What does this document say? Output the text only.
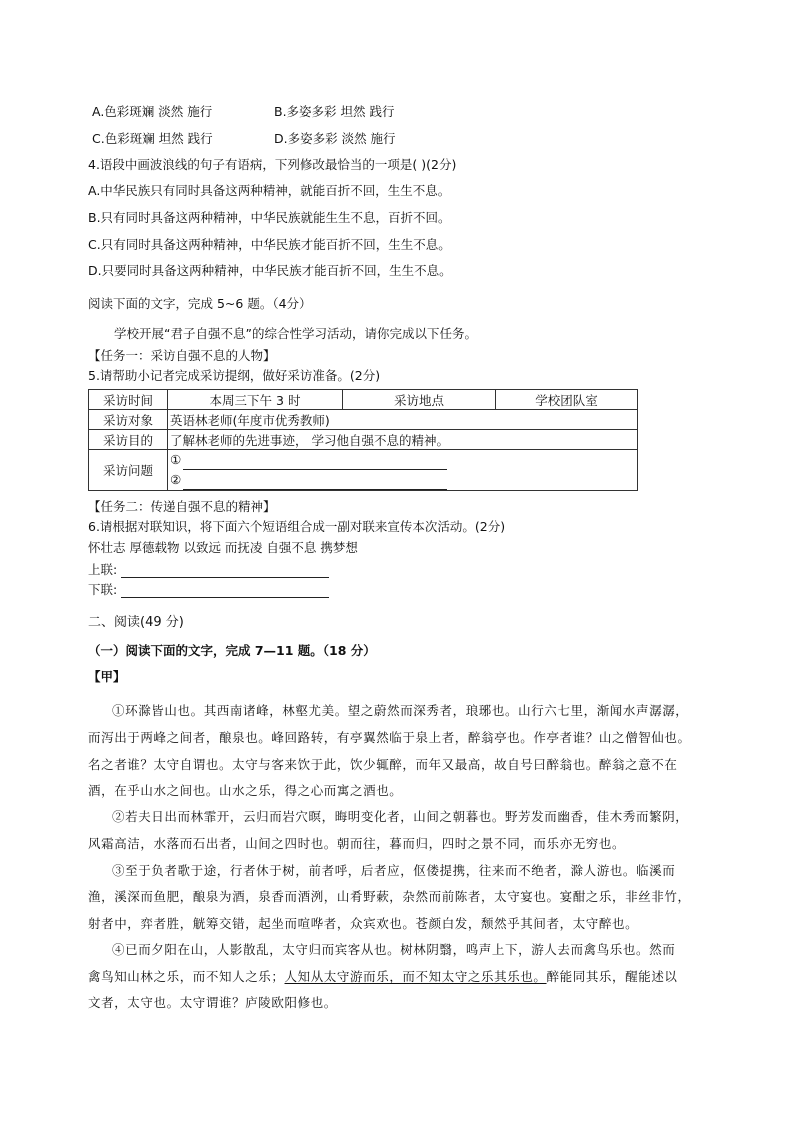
A.色彩斑斓 淡然 施行	B.多姿多彩 坦然 践行
C.色彩斑斓 坦然 践行	D.多姿多彩 淡然 施行
4.语段中画波浪线的句子有语病，下列修改最恰当的一项是( )(2分)
A.中华民族只有同时具备这两种精神，就能百折不回，生生不息。
B.只有同时具备这两种精神，中华民族就能生生不息，百折不回。
C.只有同时具备这两种精神，中华民族才能百折不回，生生不息。
D.只要同时具备这两种精神，中华民族才能百折不回，生生不息。
阅读下面的文字，完成 5~6 题。（4分）
学校开展“君子自强不息”的综合性学习活动，请你完成以下任务。
【任务一：采访自强不息的人物】
5.请帮助小记者完成采访提纲，做好采访准备。(2分)
采访时间	本周三下午 3 时	采访地点	学校团队室
采访对象	英语林老师(年度市优秀教师)		
采访目的	了解林老师的先进事迹， 学习他自强不息的精神。		
采访问题	①
②		
【任务二：传递自强不息的精神】
6.请根据对联知识，将下面六个短语组合成一副对联来宣传本次活动。(2分)
怀壮志 厚德载物 以致远 而抚凌 自强不息 携梦想
上联:
下联:
二、阅读(49 分)
（一）阅读下面的文字，完成 7—11 题。（18 分）
【甲】
①环滁皆山也。其西南诸峰，林壑尤美。望之蔚然而深秀者，琅琊也。山行六七里，渐闻水声潺潺，
而泻出于两峰之间者，酿泉也。峰回路转，有亭翼然临于泉上者，醉翁亭也。作亭者谁？山之僧智仙也。
名之者谁？太守自谓也。太守与客来饮于此，饮少辄醉，而年又最高，故自号曰醉翁也。醉翁之意不在
酒，在乎山水之间也。山水之乐，得之心而寓之酒也。
②若夫日出而林霏开，云归而岩穴暝，晦明变化者，山间之朝暮也。野芳发而幽香，佳木秀而繁阴，
风霜高洁，水落而石出者，山间之四时也。朝而往，暮而归，四时之景不同，而乐亦无穷也。
③至于负者歌于途，行者休于树，前者呼，后者应，伛偻提携，往来而不绝者，滁人游也。临溪而
渔，溪深而鱼肥，酿泉为酒，泉香而酒洌，山肴野蔌，杂然而前陈者，太守宴也。宴酣之乐，非丝非竹，
射者中，弈者胜，觥筹交错，起坐而喧哗者，众宾欢也。苍颜白发，颓然乎其间者，太守醉也。
④已而夕阳在山，人影散乱，太守归而宾客从也。树林阴翳，鸣声上下，游人去而禽鸟乐也。然而
禽鸟知山林之乐，而不知人之乐；人知从太守游而乐，而不知太守之乐其乐也。醉能同其乐，醒能述以
文者，太守也。太守谓谁？庐陵欧阳修也。
